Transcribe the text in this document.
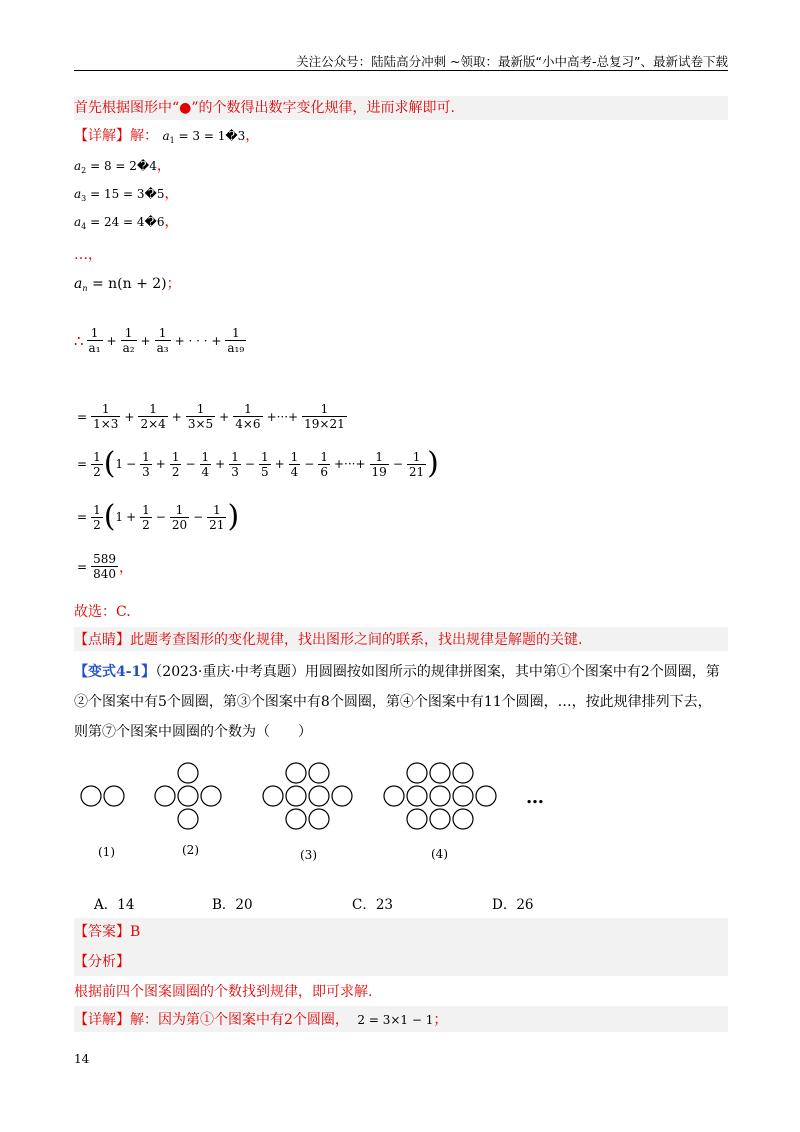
关注公众号：陆陆高分冲刺 ~领取：最新版“小中高考-总复习”、最新试卷下载
首先根据图形中“●”的个数得出数字变化规律，进而求解即可.
【详解】解： $a_1 = 3$ = 1�3，
$a_2 = 8$ = 2�4，
$a_3 = 15$ = 3�5，
$a_4 = 24$ = 4�6，
…，
$a_n = n(n + 2)$；
∴ $\frac{1}{\text{a₁}} + \frac{1}{\text{a₂}} + \frac{1}{\text{a₃}}$ + · · · + $\frac{1}{\text{a₁₉}}$
= $\frac{1}{1\times 3} + \frac{1}{2\times 4} + \frac{1}{3\times 5} + \frac{1}{4\times 6}$ +···+ $\frac{1}{19\times 21}$
= $\frac{1}{2}$ ( $1 - \frac{1}{3} + \frac{1}{2} - \frac{1}{4} + \frac{1}{3} - \frac{1}{5} + \frac{1}{4} - \frac{1}{6}$ +···+ $\frac{1}{19} - \frac{1}{21}$ )
= $\frac{1}{2}$ ( $1 + \frac{1}{2} - \frac{1}{20} - \frac{1}{21}$ )
= $\frac{589}{840}$ ，
故选：C.
【点睛】此题考查图形的变化规律，找出图形之间的联系，找出规律是解题的关键.
【变式4-1】（2023·重庆·中考真题）用圆圈按如图所示的规律拼图案，其中第①个图案中有2个圆圈，第
②个图案中有5个圆圈，第③个图案中有8个圆圈，第④个图案中有11个圆圈，…，按此规律排列下去，
则第⑦个图案中圆圈的个数为（　　）
…
(1)	(2)	(3)	(4)
A．14	B．20	C．23	D．26
【答案】B
【分析】
根据前四个图案圆圈的个数找到规律，即可求解.
【详解】解：因为第①个图案中有2个圆圈， 2 = 3×1 − 1；
14
